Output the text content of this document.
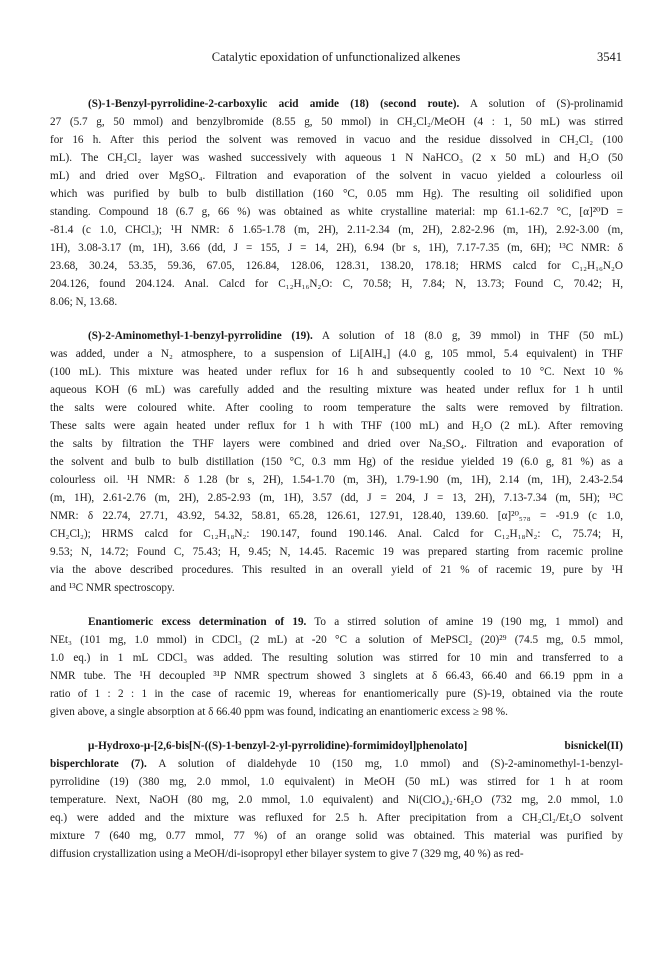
Catalytic epoxidation of unfunctionalized alkenes	3541
(S)-1-Benzyl-pyrrolidine-2-carboxylic acid amide (18) (second route). A solution of (S)-prolinamid
27 (5.7 g, 50 mmol) and benzylbromide (8.55 g, 50 mmol) in CH₂Cl₂/MeOH (4 : 1, 50 mL) was stirred
for 16 h. After this period the solvent was removed in vacuo and the residue dissolved in CH₂Cl₂ (100
mL). The CH₂Cl₂ layer was washed successively with aqueous 1 N NaHCO₃ (2 x 50 mL) and H₂O (50
mL) and dried over MgSO₄. Filtration and evaporation of the solvent in vacuo yielded a colourless oil
which was purified by bulb to bulb distillation (160 °C, 0.05 mm Hg). The resulting oil solidified upon
standing. Compound 18 (6.7 g, 66 %) was obtained as white crystalline material: mp 61.1-62.7 °C, [α]²⁰D =
-81.4 (c 1.0, CHCl₃); ¹H NMR: δ 1.65-1.78 (m, 2H), 2.11-2.34 (m, 2H), 2.82-2.96 (m, 1H), 2.92-3.00 (m,
1H), 3.08-3.17 (m, 1H), 3.66 (dd, J = 155, J = 14, 2H), 6.94 (br s, 1H), 7.17-7.35 (m, 6H); ¹³C NMR: δ
23.68, 30.24, 53.35, 59.36, 67.05, 126.84, 128.06, 128.31, 138.20, 178.18; HRMS calcd for C₁₂H₁₆N₂O
204.126, found 204.124. Anal. Calcd for C₁₂H₁₆N₂O: C, 70.58; H, 7.84; N, 13.73; Found C, 70.42; H,
8.06; N, 13.68.
(S)-2-Aminomethyl-1-benzyl-pyrrolidine (19). A solution of 18 (8.0 g, 39 mmol) in THF (50 mL)
was added, under a N₂ atmosphere, to a suspension of Li[AlH₄] (4.0 g, 105 mmol, 5.4 equivalent) in THF
(100 mL). This mixture was heated under reflux for 16 h and subsequently cooled to 10 °C. Next 10 %
aqueous KOH (6 mL) was carefully added and the resulting mixture was heated under reflux for 1 h until
the salts were coloured white. After cooling to room temperature the salts were removed by filtration.
These salts were again heated under reflux for 1 h with THF (100 mL) and H₂O (2 mL). After removing
the salts by filtration the THF layers were combined and dried over Na₂SO₄. Filtration and evaporation of
the solvent and bulb to bulb distillation (150 °C, 0.3 mm Hg) of the residue yielded 19 (6.0 g, 81 %) as a
colourless oil. ¹H NMR: δ 1.28 (br s, 2H), 1.54-1.70 (m, 3H), 1.79-1.90 (m, 1H), 2.14 (m, 1H), 2.43-2.54
(m, 1H), 2.61-2.76 (m, 2H), 2.85-2.93 (m, 1H), 3.57 (dd, J = 204, J = 13, 2H), 7.13-7.34 (m, 5H); ¹³C
NMR: δ 22.74, 27.71, 43.92, 54.32, 58.81, 65.28, 126.61, 127.91, 128.40, 139.60. [α]²⁰₅₇₈ = -91.9 (c 1.0,
CH₂Cl₂); HRMS calcd for C₁₂H₁₈N₂: 190.147, found 190.146. Anal. Calcd for C₁₂H₁₈N₂: C, 75.74; H,
9.53; N, 14.72; Found C, 75.43; H, 9.45; N, 14.45. Racemic 19 was prepared starting from racemic proline
via the above described procedures. This resulted in an overall yield of 21 % of racemic 19, pure by ¹H
and ¹³C NMR spectroscopy.
Enantiomeric excess determination of 19. To a stirred solution of amine 19 (190 mg, 1 mmol) and
NEt₃ (101 mg, 1.0 mmol) in CDCl₃ (2 mL) at -20 °C a solution of MePSCl₂ (20)²⁹ (74.5 mg, 0.5 mmol,
1.0 eq.) in 1 mL CDCl₃ was added. The resulting solution was stirred for 10 min and transferred to a
NMR tube. The ¹H decoupled ³¹P NMR spectrum showed 3 singlets at δ 66.43, 66.40 and 66.19 ppm in a
ratio of 1 : 2 : 1 in the case of racemic 19, whereas for enantiomerically pure (S)-19, obtained via the route
given above, a single absorption at δ 66.40 ppm was found, indicating an enantiomeric excess ≥ 98 %.
μ-Hydroxo-μ-[2,6-bis[N-((S)-1-benzyl-2-yl-pyrrolidine)-formimidoyl]phenolato] bisnickel(II)
bisperchlorate (7). A solution of dialdehyde 10 (150 mg, 1.0 mmol) and (S)-2-aminomethyl-1-benzyl-
pyrrolidine (19) (380 mg, 2.0 mmol, 1.0 equivalent) in MeOH (50 mL) was stirred for 1 h at room
temperature. Next, NaOH (80 mg, 2.0 mmol, 1.0 equivalent) and Ni(ClO₄)₂·6H₂O (732 mg, 2.0 mmol, 1.0
eq.) were added and the mixture was refluxed for 2.5 h. After precipitation from a CH₂Cl₂/Et₂O solvent
mixture 7 (640 mg, 0.77 mmol, 77 %) of an orange solid was obtained. This material was purified by
diffusion crystallization using a MeOH/di-isopropyl ether bilayer system to give 7 (329 mg, 40 %) as red-
